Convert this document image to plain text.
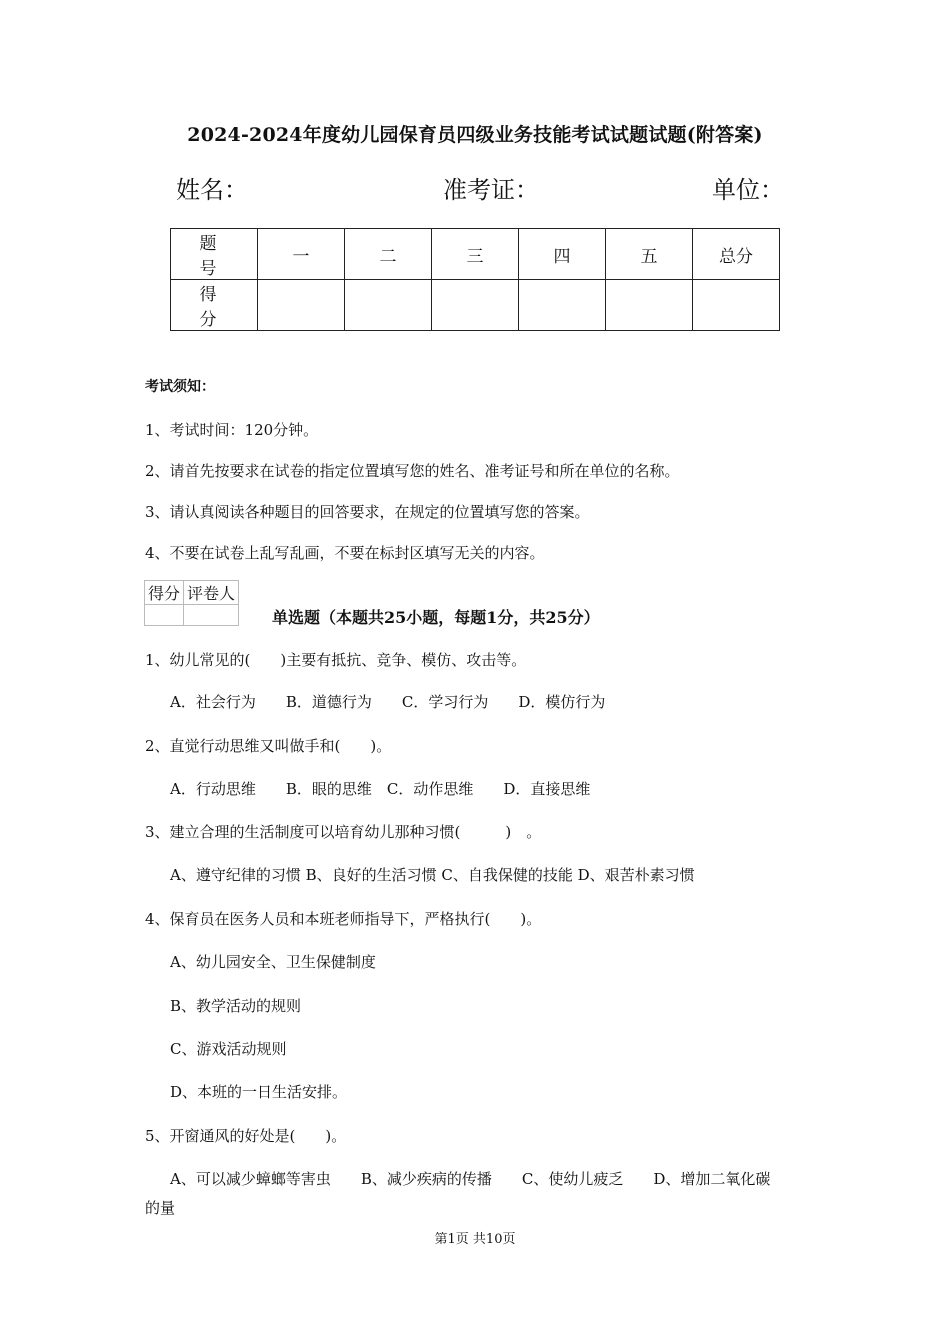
2024-2024年度幼儿园保育员四级业务技能考试试题试题(附答案)
姓名：	准考证：	单位：
题　号	一	二	三	四	五	总分
得　分						
考试须知：
1、考试时间：120分钟。
2、请首先按要求在试卷的指定位置填写您的姓名、准考证号和所在单位的名称。
3、请认真阅读各种题目的回答要求，在规定的位置填写您的答案。
4、不要在试卷上乱写乱画，不要在标封区填写无关的内容。
得分	评卷人

单选题（本题共25小题，每题1分，共25分）
1、幼儿常见的(　　)主要有抵抗、竞争、模仿、攻击等。
A．社会行为　　B．道德行为　　C．学习行为　　D．模仿行为
2、直觉行动思维又叫做手和(　　)。
A．行动思维　　B．眼的思维　C．动作思维　　D．直接思维
3、建立合理的生活制度可以培育幼儿那种习惯(　　　)　。
A、遵守纪律的习惯 B、良好的生活习惯 C、自我保健的技能 D、艰苦朴素习惯
4、保育员在医务人员和本班老师指导下，严格执行(　　)。
A、幼儿园安全、卫生保健制度
B、教学活动的规则
C、游戏活动规则
D、本班的一日生活安排。
5、开窗通风的好处是(　　)。
A、可以减少蟑螂等害虫　　B、减少疾病的传播　　C、使幼儿疲乏　　D、增加二氧化碳
的量
第1页 共10页
